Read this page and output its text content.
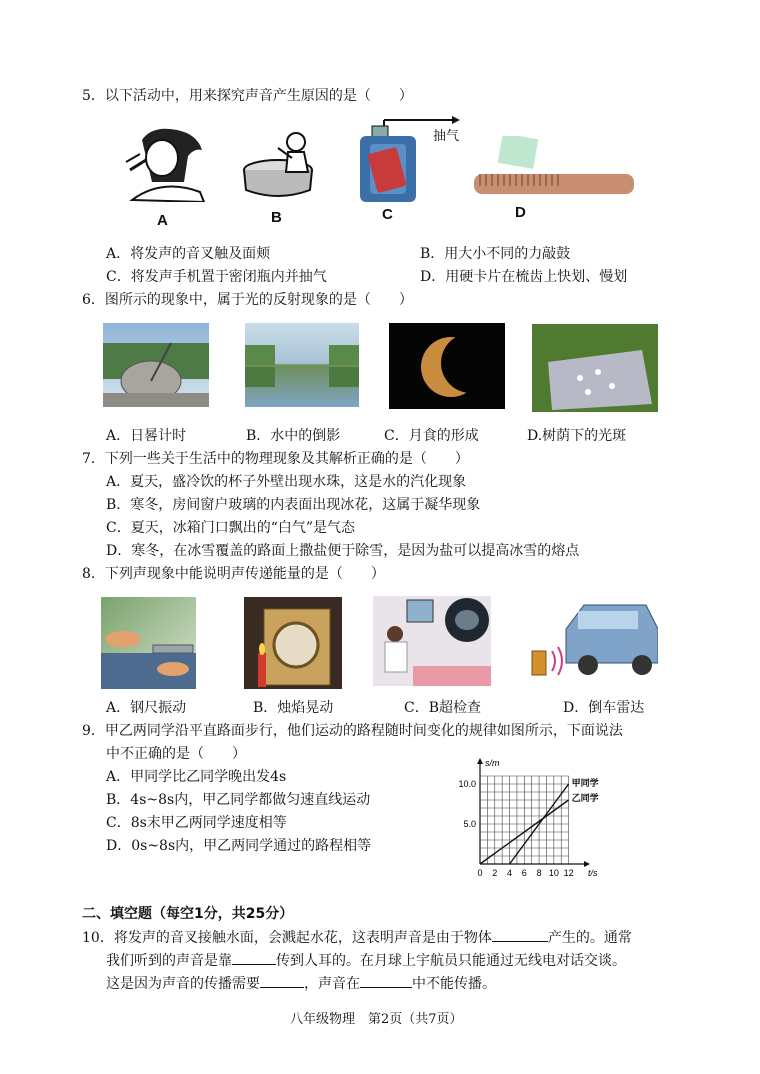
5．以下活动中，用来探究声音产生原因的是（　　）
A	B
抽气
C	D
A．将发声的音叉触及面颊	B．用大小不同的力敲鼓
C．将发声手机置于密闭瓶内并抽气	D．用硬卡片在梳齿上快划、慢划
6．图所示的现象中，属于光的反射现象的是（　　）
A．日晷计时	B．水中的倒影	C．月食的形成	D.树荫下的光斑
7．下列一些关于生活中的物理现象及其解析正确的是（　　）
A．夏天，盛冷饮的杯子外壁出现水珠，这是水的汽化现象
B．寒冬，房间窗户玻璃的内表面出现冰花，这属于凝华现象
C．夏天，冰箱门口飘出的“白气”是气态
D．寒冬，在冰雪覆盖的路面上撒盐便于除雪，是因为盐可以提高冰雪的熔点
8．下列声现象中能说明声传递能量的是（　　）
A．钢尺振动	B．烛焰晃动	C．B超检查	D．倒车雷达
9．甲乙两同学沿平直路面步行，他们运动的路程随时间变化的规律如图所示，下面说法
中不正确的是（　　）
A．甲同学比乙同学晚出发4s
B．4s~8s内，甲乙同学都做匀速直线运动
C．8s末甲乙两同学速度相等
D．0s~8s内，甲乙两同学通过的路程相等
s/m
t/s
0 2 4 6 8 10 12
5.0
10.0	甲同学
乙同学
二、填空题（每空1分，共25分）
10．将发声的音叉接触水面，会溅起水花，这表明声音是由于物体	产生的。通常
我们听到的声音是靠	传到人耳的。在月球上宇航员只能通过无线电对话交谈。
这是因为声音的传播需要	，声音在	中不能传播。
八年级物理　第2页（共7页）
